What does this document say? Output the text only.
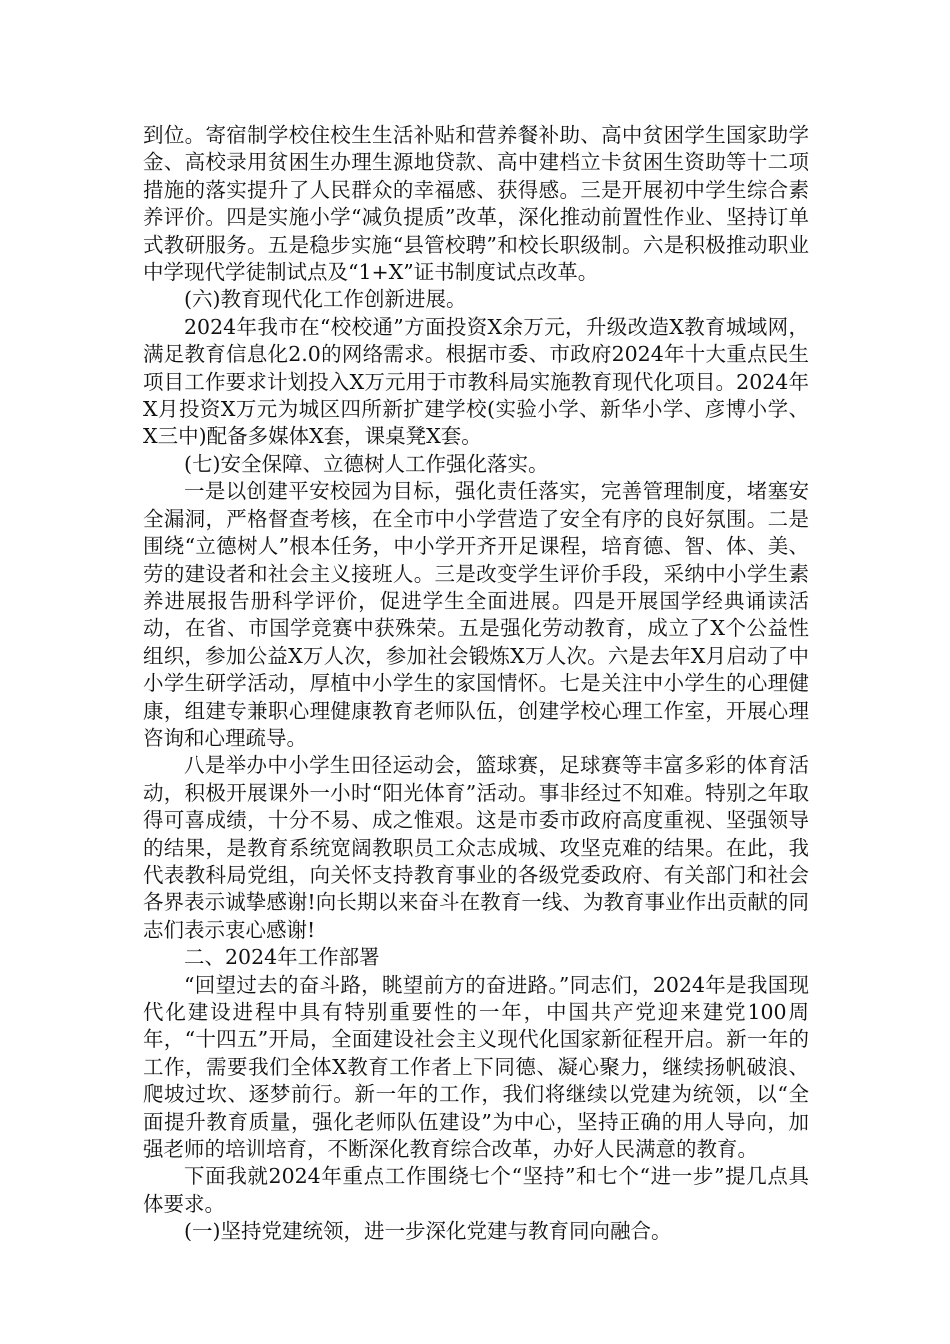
到位。寄宿制学校住校生生活补贴和营养餐补助、高中贫困学生国家助学金、高校录用贫困生办理生源地贷款、高中建档立卡贫困生资助等十二项措施的落实提升了人民群众的幸福感、获得感。三是开展初中学生综合素养评价。四是实施小学“减负提质”改革，深化推动前置性作业、坚持订单式教研服务。五是稳步实施“县管校聘”和校长职级制。六是积极推动职业中学现代学徒制试点及“1+X”证书制度试点改革。

(六)教育现代化工作创新进展。

2024年我市在“校校通”方面投资X余万元，升级改造X教育城域网，满足教育信息化2.0的网络需求。根据市委、市政府2024年十大重点民生项目工作要求计划投入X万元用于市教科局实施教育现代化项目。2024年X月投资X万元为城区四所新扩建学校(实验小学、新华小学、彦博小学、X三中)配备多媒体X套，课桌凳X套。

(七)安全保障、立德树人工作强化落实。

一是以创建平安校园为目标，强化责任落实，完善管理制度，堵塞安全漏洞，严格督查考核，在全市中小学营造了安全有序的良好氛围。二是围绕“立德树人”根本任务，中小学开齐开足课程，培育德、智、体、美、劳的建设者和社会主义接班人。三是改变学生评价手段，采纳中小学生素养进展报告册科学评价，促进学生全面进展。四是开展国学经典诵读活动，在省、市国学竞赛中获殊荣。五是强化劳动教育，成立了X个公益性组织，参加公益X万人次，参加社会锻炼X万人次。六是去年X月启动了中小学生研学活动，厚植中小学生的家国情怀。七是关注中小学生的心理健康，组建专兼职心理健康教育老师队伍，创建学校心理工作室，开展心理咨询和心理疏导。

八是举办中小学生田径运动会，篮球赛，足球赛等丰富多彩的体育活动，积极开展课外一小时“阳光体育”活动。事非经过不知难。特别之年取得可喜成绩，十分不易、成之惟艰。这是市委市政府高度重视、坚强领导的结果，是教育系统宽阔教职员工众志成城、攻坚克难的结果。在此，我代表教科局党组，向关怀支持教育事业的各级党委政府、有关部门和社会各界表示诚挚感谢!向长期以来奋斗在教育一线、为教育事业作出贡献的同志们表示衷心感谢!

二、2024年工作部署

“回望过去的奋斗路，眺望前方的奋进路。”同志们，2024年是我国现代化建设进程中具有特别重要性的一年，中国共产党迎来建党100周年，“十四五”开局，全面建设社会主义现代化国家新征程开启。新一年的工作，需要我们全体X教育工作者上下同德、凝心聚力，继续扬帆破浪、爬坡过坎、逐梦前行。新一年的工作，我们将继续以党建为统领，以“全面提升教育质量，强化老师队伍建设”为中心，坚持正确的用人导向，加强老师的培训培育，不断深化教育综合改革，办好人民满意的教育。

下面我就2024年重点工作围绕七个“坚持”和七个“进一步”提几点具体要求。

(一)坚持党建统领，进一步深化党建与教育同向融合。
